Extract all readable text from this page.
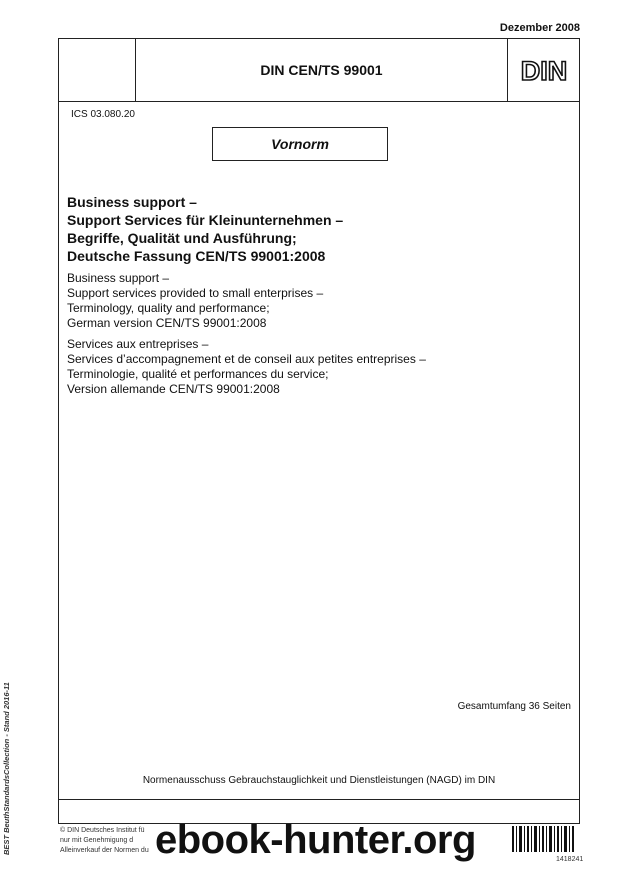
Dezember 2008
DIN CEN/TS 99001	DIN
ICS 03.080.20
Vornorm
Business support –
Support Services für Kleinunternehmen –
Begriffe, Qualität und Ausführung;
Deutsche Fassung CEN/TS 99001:2008
Business support –
Support services provided to small enterprises –
Terminology, quality and performance;
German version CEN/TS 99001:2008
Services aux entreprises –
Services d’accompagnement et de conseil aux petites entreprises –
Terminologie, qualité et performances du service;
Version allemande CEN/TS 99001:2008
Gesamtumfang 36 Seiten
Normenausschuss Gebrauchstauglichkeit und Dienstleistungen (NAGD) im DIN
© DIN Deutsches Institut fü
nur mit Genehmigung d
Alleinverkauf der Normen du
BEST BeuthStandardsCollection - Stand 2016-11
1418241
ebook-hunter.org
